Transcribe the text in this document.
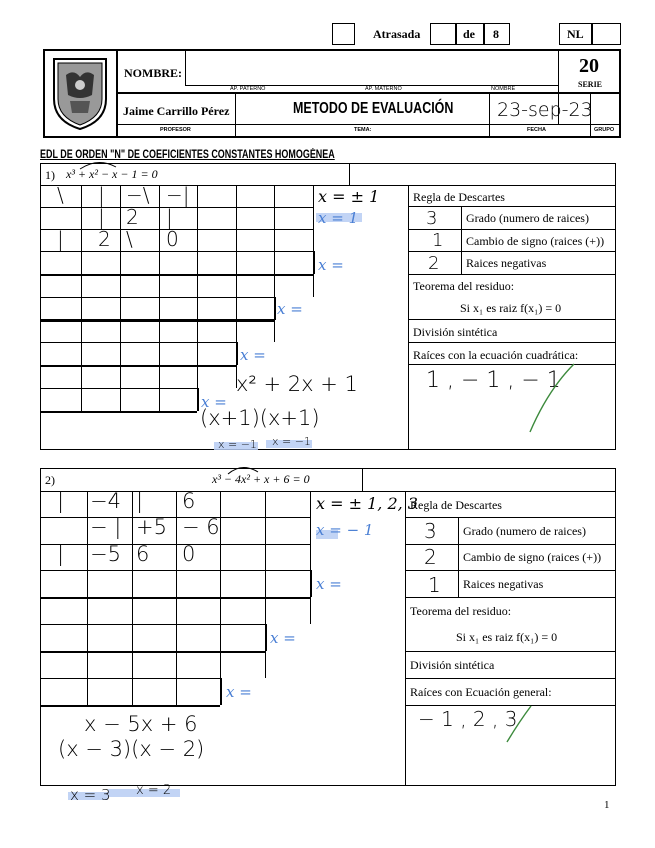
Atrasada	de 8	NL
NOMBRE:
AP. PATERNO	AP. MATERNO	NOMBRE
20
SERIE
Jaime Carrillo Pérez	METODO DE EVALUACIÓN 23-sep-23
PROFESOR	TEMA:	FECHA	GRUPO
EDL DE ORDEN "N" DE COEFICIENTES CONSTANTES HOMOGÉNEA
1) x³ + x² − x − 1 = 0
\ | −\ −|
| 2 |
| 2 \ 0
x = ± 1
x = 1
x =
x =
x =
x =
x² + 2x + 1
(x+1)(x+1)
x = −1 x = −1
Regla de Descartes
3 Grado (numero de raices)
1 Cambio de signo (raices (+))
2 Raices negativas
Teorema del residuo:
Si x₁ es raiz f(x₁) = 0
División sintética
Raíces con la ecuación cuadrática:
1 , − 1 , − 1
2)	x³ − 4x² + x + 6 = 0
| −4 | 6
− | +5 − 6
| −5 6 0
x = ± 1, 2, 3
x = − 1
x =
x =
x =
x − 5x + 6
(x − 3)(x − 2)
x = 3 x = 2
Regla de Descartes
3 Grado (numero de raices)
2 Cambio de signo (raices (+))
1 Raices negativas
Teorema del residuo:
Si x₁ es raiz f(x₁) = 0
División sintética
Raíces con Ecuación general:
− 1 , 2 , 3
1
